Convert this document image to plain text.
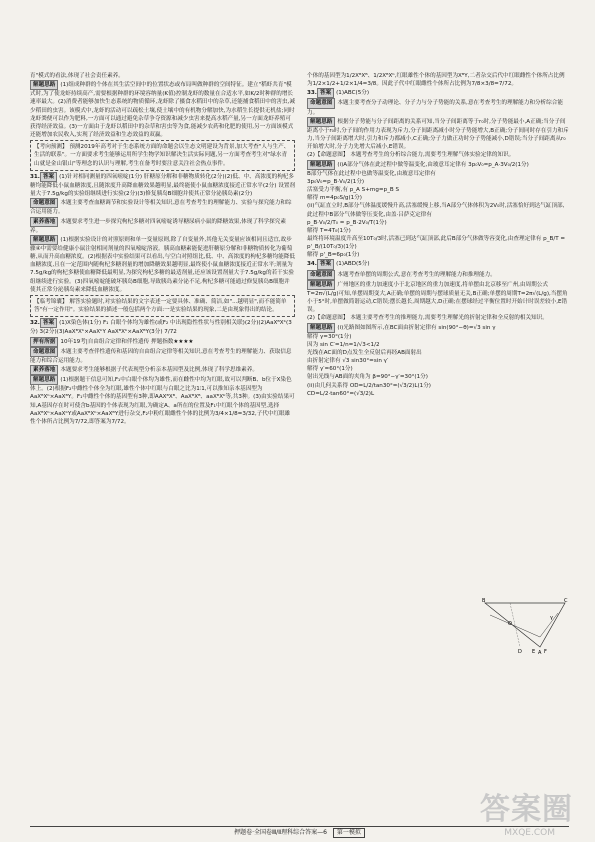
育"模式的看法,体现了社会责任素养。
解题思路 (1)组成种群的个体在其生活空间中的位置状态或布局叫做种群的空间特征。建立"稻虾共育"模式时,为了使龙虾持续高产,需要根据种群的环境容纳量(K值)控制龙虾的数量在合适水平,如K/2时种群的增长速率最大。(2)消费者能够加快生态系统的物质循环,龙虾除了摄食水稻田中的杂草,还能捕食稻田中的害虫,减少稻田的虫害。该模式中,龙虾的活动可以疏松土壤,使土壤中的有机物分解加快,为水稻生长提供无机盐;同时龙虾粪便可以作为肥料,一方面可以通过避免杂草争夺资源和减少虫害来提高水稻产量,另一方面龙虾养殖可获得经济效益。(3)一方面由于龙虾以稻田中的杂草和害虫等为食,能减少农药和化肥的使用,另一方面该模式还能增加农民收入,实现了经济效益和生态效益的双赢。
【考向预测】 预测2019年高考对于生态系统方面的命题会以生态文明建设为背景,加大考查"人与生产、生活的联系"。一方面要求考生能够运用所学生物学知识解决生活实际问题,另一方面考查考生对"绿水青山就是金山银山"等理念的认识与理解,考生在备考时要注意关注社会热点事件。
31. 答案 (1)针对相同测量的四氧嘧啶(1分) 肝糖原分解和非糖物质转化(2分)(2)低、中、高浓度的枸杞多糖均能降低小鼠血糖浓度,且随浓度升高降血糖效果越明显,最终能使小鼠血糖浓度接近正常水平(2分) 设置剂量大于7.5g/kg的实验组继续进行实验(2分)(3)修复胰岛B细胞并使其正常分泌胰岛素(2分)
命题意图 本题主要考查血糖调节和实验设计等相关知识,意在考查考生的理解能力、实验与探究能力和综合运用能力。
素养落地 本题要求考生进一步探究枸杞多糖对四氧嘧啶诱导糖尿病小鼠的降糖效果,体现了科学探究素养。
解题思路 (1)根据实验设计的对照原则和单一变量原则,除了自变量外,其他无关变量应该相同且适宜,故步骤④中需要给健康小鼠注射相同剂量的四氧嘧啶溶液。胰高血糖素能促进肝糖原分解和非糖物质转化为葡萄糖,从而升高血糖浓度。(2)根据表中实验结果可以看出,与空白对照组比,低、中、高浓度的枸杞多糖均能降低血糖浓度,且在一定范围内随枸杞多糖剂量的增加降糖效果越明显,最终使小鼠血糖浓度接近正常水平;剂量为7.5g/kg的枸杞多糖使血糖降低最明显,为探究枸杞多糖的最适剂量,还应该设置剂量大于7.5g/kg的若干实验组继续进行实验。(3)四氧嘧啶能破坏胰岛B细胞,导致胰岛素分泌不足,枸杞多糖可能通过修复胰岛B细胞并使其正常分泌胰岛素来降低血糖浓度。
【临考锦囊】 解答实验题时,对实验结果的文字表述一定要具体、准确、简洁,如"...越明显",而不能简单答"有一定作用"。实验结果的描述一般包括两个方面:一是实验结果的现象,二是由现象得出的结论。
32. 答案 (1)X染色体(1分) F₁ 白眼个体均为雄性(或F₂ 中出现隐性性状与性别相关联)(2分)(2)AaXᴮXᵇ(3分) 3(2分)(3)AaXᴮXᵇ×AaXᵇY AaXᴮXᵇ×AaXᴮY(3分) 7/72
押有所据 10年19考|自由组合定律和伴性遗传 押题指数★★★★
命题意图 本题主要考查伴性遗传和基因的自由组合定律等相关知识,意在考查考生的理解能力、获取信息能力和综合运用能力。
素养落地 本题要求考生能够根据子代表现型分析亲本基因型及比例,体现了科学思维素养。
解题思路 (1)根据题干信息可知,F₁中白眼个体均为雄性,而在雌性中均为红眼,故可以判断B、b位于X染色体上。(2)根据F₂中雌性个体全为红眼,雄性个体中红眼与白眼之比为1∶1,可以推知亲本基因型为AaXᴮXᵇ×AaXᴮY。F₁中雌性个体的基因型有3种,即AAXᴮXᴮ、AaXᴮXᴮ、aaXᴮXᵇ等,共3种。(3)由实验结果可知,A基因存在时可使含b基因的个体表现为红眼,为确定A、a所在的位置及F₁中红眼个体的基因型,选择AaXᴮXᵇ×AaXᵇY或AaXᴮXᵇ×AaXᴮY进行杂交,F₂中粉红眼雌性个体的比例为3/4×1/8=3/32,子代中红眼雄性个体所占比例为7/72,即答案为7/72。
个体的基因型为1/2XᴮXᴮ、1/2XᴮXᵇ,红眼雄性个体的基因型为XᴮY,二者杂交后代中红眼雌性个体所占比例为1/2×1/2+1/2×1/4=3/8。因此子代中红眼雌性个体所占比例为7/8×3/8=7/72。
33. 答案 (1)ABC(5分)
命题意图 本题主要考查分子动理论、分子力与分子势能的关系,意在考查考生的理解能力和分析综合能力。
解题思路 根据分子势能与分子间距离的关系可知,当分子间距离等于r₀时,分子势能最小,A正确;当分子间距离小于r₀时,分子间的作用力表现为斥力,分子间距离减小时分子势能增大,B正确;分子间同时存在引力和斥力,当分子间距离增大时,引力和斥力都减小,C正确;分子力做正功时分子势能减小,D错误;当分子间距离从r₀开始增大时,分子力先增大后减小,E错误。
(2)【命题意图】 本题考查考生的分析综合能力,需要考生理解气体实验定律的知识。
解题思路 (i)A部分气体在此过程中做等温变化,由玻意耳定律有 3p₀V₀=p_A·3V₀/2(1分)
B部分气体在此过程中也做等温变化,由玻意耳定律有
3p₀V₀=p_B·V₀/2(1分)
活塞受力平衡,有 p_A S+mg=p_B S
解得 m=4p₀S/g(1分)
(ii)气缸直立时,B部分气体温度缓慢升高,活塞缓慢上移,当A部分气体体积为2V₀时,活塞恰好到达气缸顶部,此过程中B部分气体做等压变化,由盖·吕萨克定律有
p_B·V₀/2/T₀ = p_B·2V₀/T(1分)
解得 T=4T₀(1分)
最终将环境温度升高至10T₀/3时,活塞已到达气缸顶部,此后B部分气体做等容变化,由查理定律有 p_B/T = p'_B/(10T₀/3)(1分)
解得 p'_B=6p₀(1分)
34. 答案 (1)ABD(5分)
命题意图 本题考查单摆的周期公式,意在考查考生的理解能力和推理能力。
解题思路 广州地区的重力加速度小于北京地区的重力加速度,将单摆由北京移至广州,由周期公式T=2π√(L/g)可知,单摆周期变大,A正确;单摆的周期与摆球质量无关,B正确;单摆的周期T=2π√(L/g),当摆角小于5°时,单摆做简谐运动,C错误;摆长越长,周期越大,D正确;在摆球经过平衡位置时开始计时误差较小,E错误。
(2)【命题意图】 本题主要考查考生的推理能力,需要考生理解光的折射定律和全反射的相关知识。
解题思路 (i)光路图如图所示,在BC面由折射定律有 sin(90°−θ)=√3 sin γ
解得 γ=30°(1分)
因为 sin C′=1/n=1/√3<1/2
光线在AC面的D点发生全反射后再经AB面射出
由折射定律有 √3 sin30°=sin γ′
解得 γ′=60°(1分)
射出光线与AB面的夹角为 β=90°−γ′=30°(1分)
(ii)由几何关系得 OD=L/2/tan30°=(√3/2)L(1分)
CD=L/2·tan60°=(√3/2)L
B	C
D E F
A
O
γ
押题卷·全国卷Ⅲ/Ⅱ理科综合答案—6	第一模拟
答案圈
MXQE.COM
